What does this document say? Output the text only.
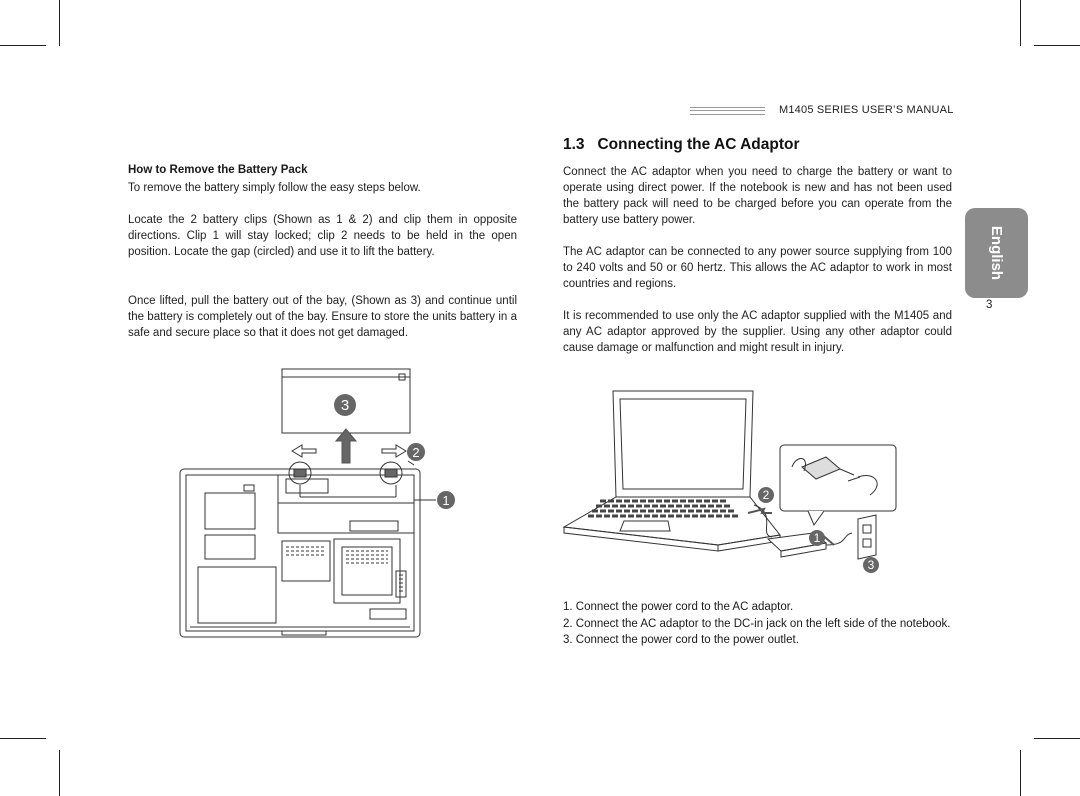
M1405 SERIES USER’S MANUAL
How to Remove the Battery Pack
To remove the battery simply follow the easy steps below.
Locate the 2 battery clips (Shown as 1 & 2) and clip them in opposite directions. Clip 1 will stay locked; clip 2 needs to be held in the open position. Locate the gap (circled) and use it to lift the battery.
Once lifted, pull the battery out of the bay, (Shown as 3) and continue until the battery is completely out of the bay. Ensure to store the units battery in a safe and secure place so that it does not get damaged.
3
2
1
1.3   Connecting the AC Adaptor
Connect the AC adaptor when you need to charge the battery or want to operate using direct power. If the notebook is new and has not been used the battery pack will need to be charged before you can operate from the battery use battery power.
The AC adaptor can be connected to any power source supplying from 100 to 240 volts and 50 or 60 hertz. This allows the AC adaptor to work in most countries and regions.
It is recommended to use only the AC adaptor supplied with the M1405 and any AC adaptor approved by the supplier. Using any other adaptor could cause damage or malfunction and might result in injury.
2
1
3
1. Connect the power cord to the AC adaptor.
2. Connect the AC adaptor to the DC-in jack on the left side of the notebook.
3. Connect the power cord to the power outlet.
English
3
